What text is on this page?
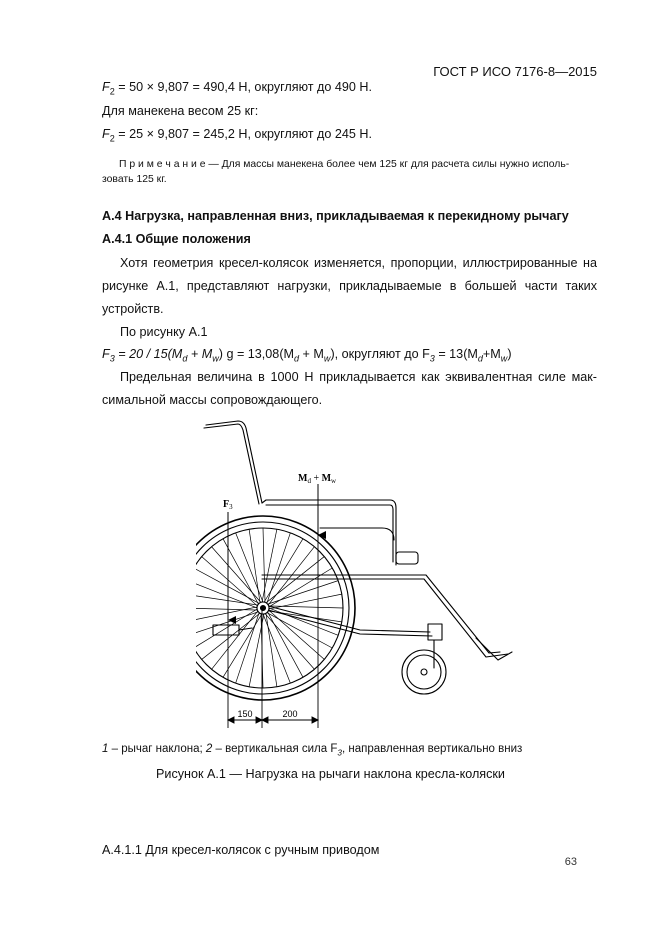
ГОСТ Р ИСО 7176-8—2015
$F_2 = 50 \times 9,807 = 490,4$ Н, округляют до 490 Н.
Для манекена весом 25 кг:
$F_2 = 25 \times 9,807 = 245,2$ Н, округляют до 245 Н.
П р и м е ч а н и е — Для массы манекена более чем 125 кг для расчета силы нужно исполь-
зовать 125 кг.
А.4 Нагрузка, направленная вниз, прикладываемая к перекидному рычагу
А.4.1 Общие положения
Хотя геометрия кресел-колясок изменяется, пропорции, иллюстрированные на
рисунке А.1, представляют нагрузки, прикладываемые в большей части таких
устройств.
По рисунку А.1
$F_3 = 20 / 15(M_d + M_w) g = 13,08(M_d + M_w)$, округляют до $F_3 = 13(M_d+M_w)$
Предельная величина в 1000 Н прикладывается как эквивалентная силе мак-
симальной массы сопровождающего.
$F_3$
$M_d + M_w$
150	200
1 – рычаг наклона; 2 – вертикальная сила $F_3$, направленная вертикально вниз
Рисунок А.1 — Нагрузка на рычаги наклона кресла-коляски
А.4.1.1 Для кресел-колясок с ручным приводом
63
